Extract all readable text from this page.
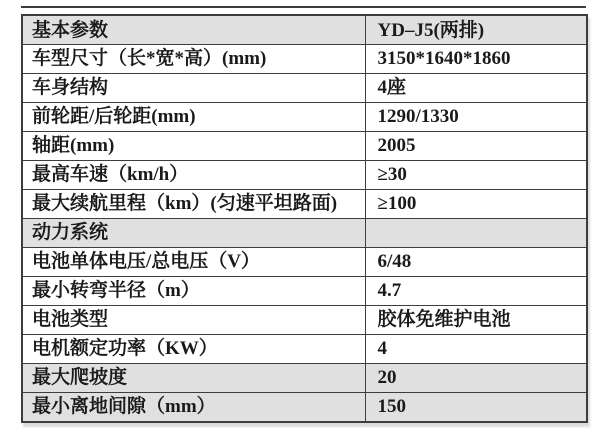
基本参数	YD–J5(两排)
车型尺寸（长*宽*高）(mm)	3150*1640*1860
车身结构	4座
前轮距/后轮距(mm)	1290/1330
轴距(mm)	2005
最高车速（km/h）	≥30
最大续航里程（km）(匀速平坦路面)	≥100
动力系统	
电池单体电压/总电压（V）	6/48
最小转弯半径（m）	4.7
电池类型	胶体免维护电池
电机额定功率（KW）	4
最大爬坡度	20
最小离地间隙（mm）	150
